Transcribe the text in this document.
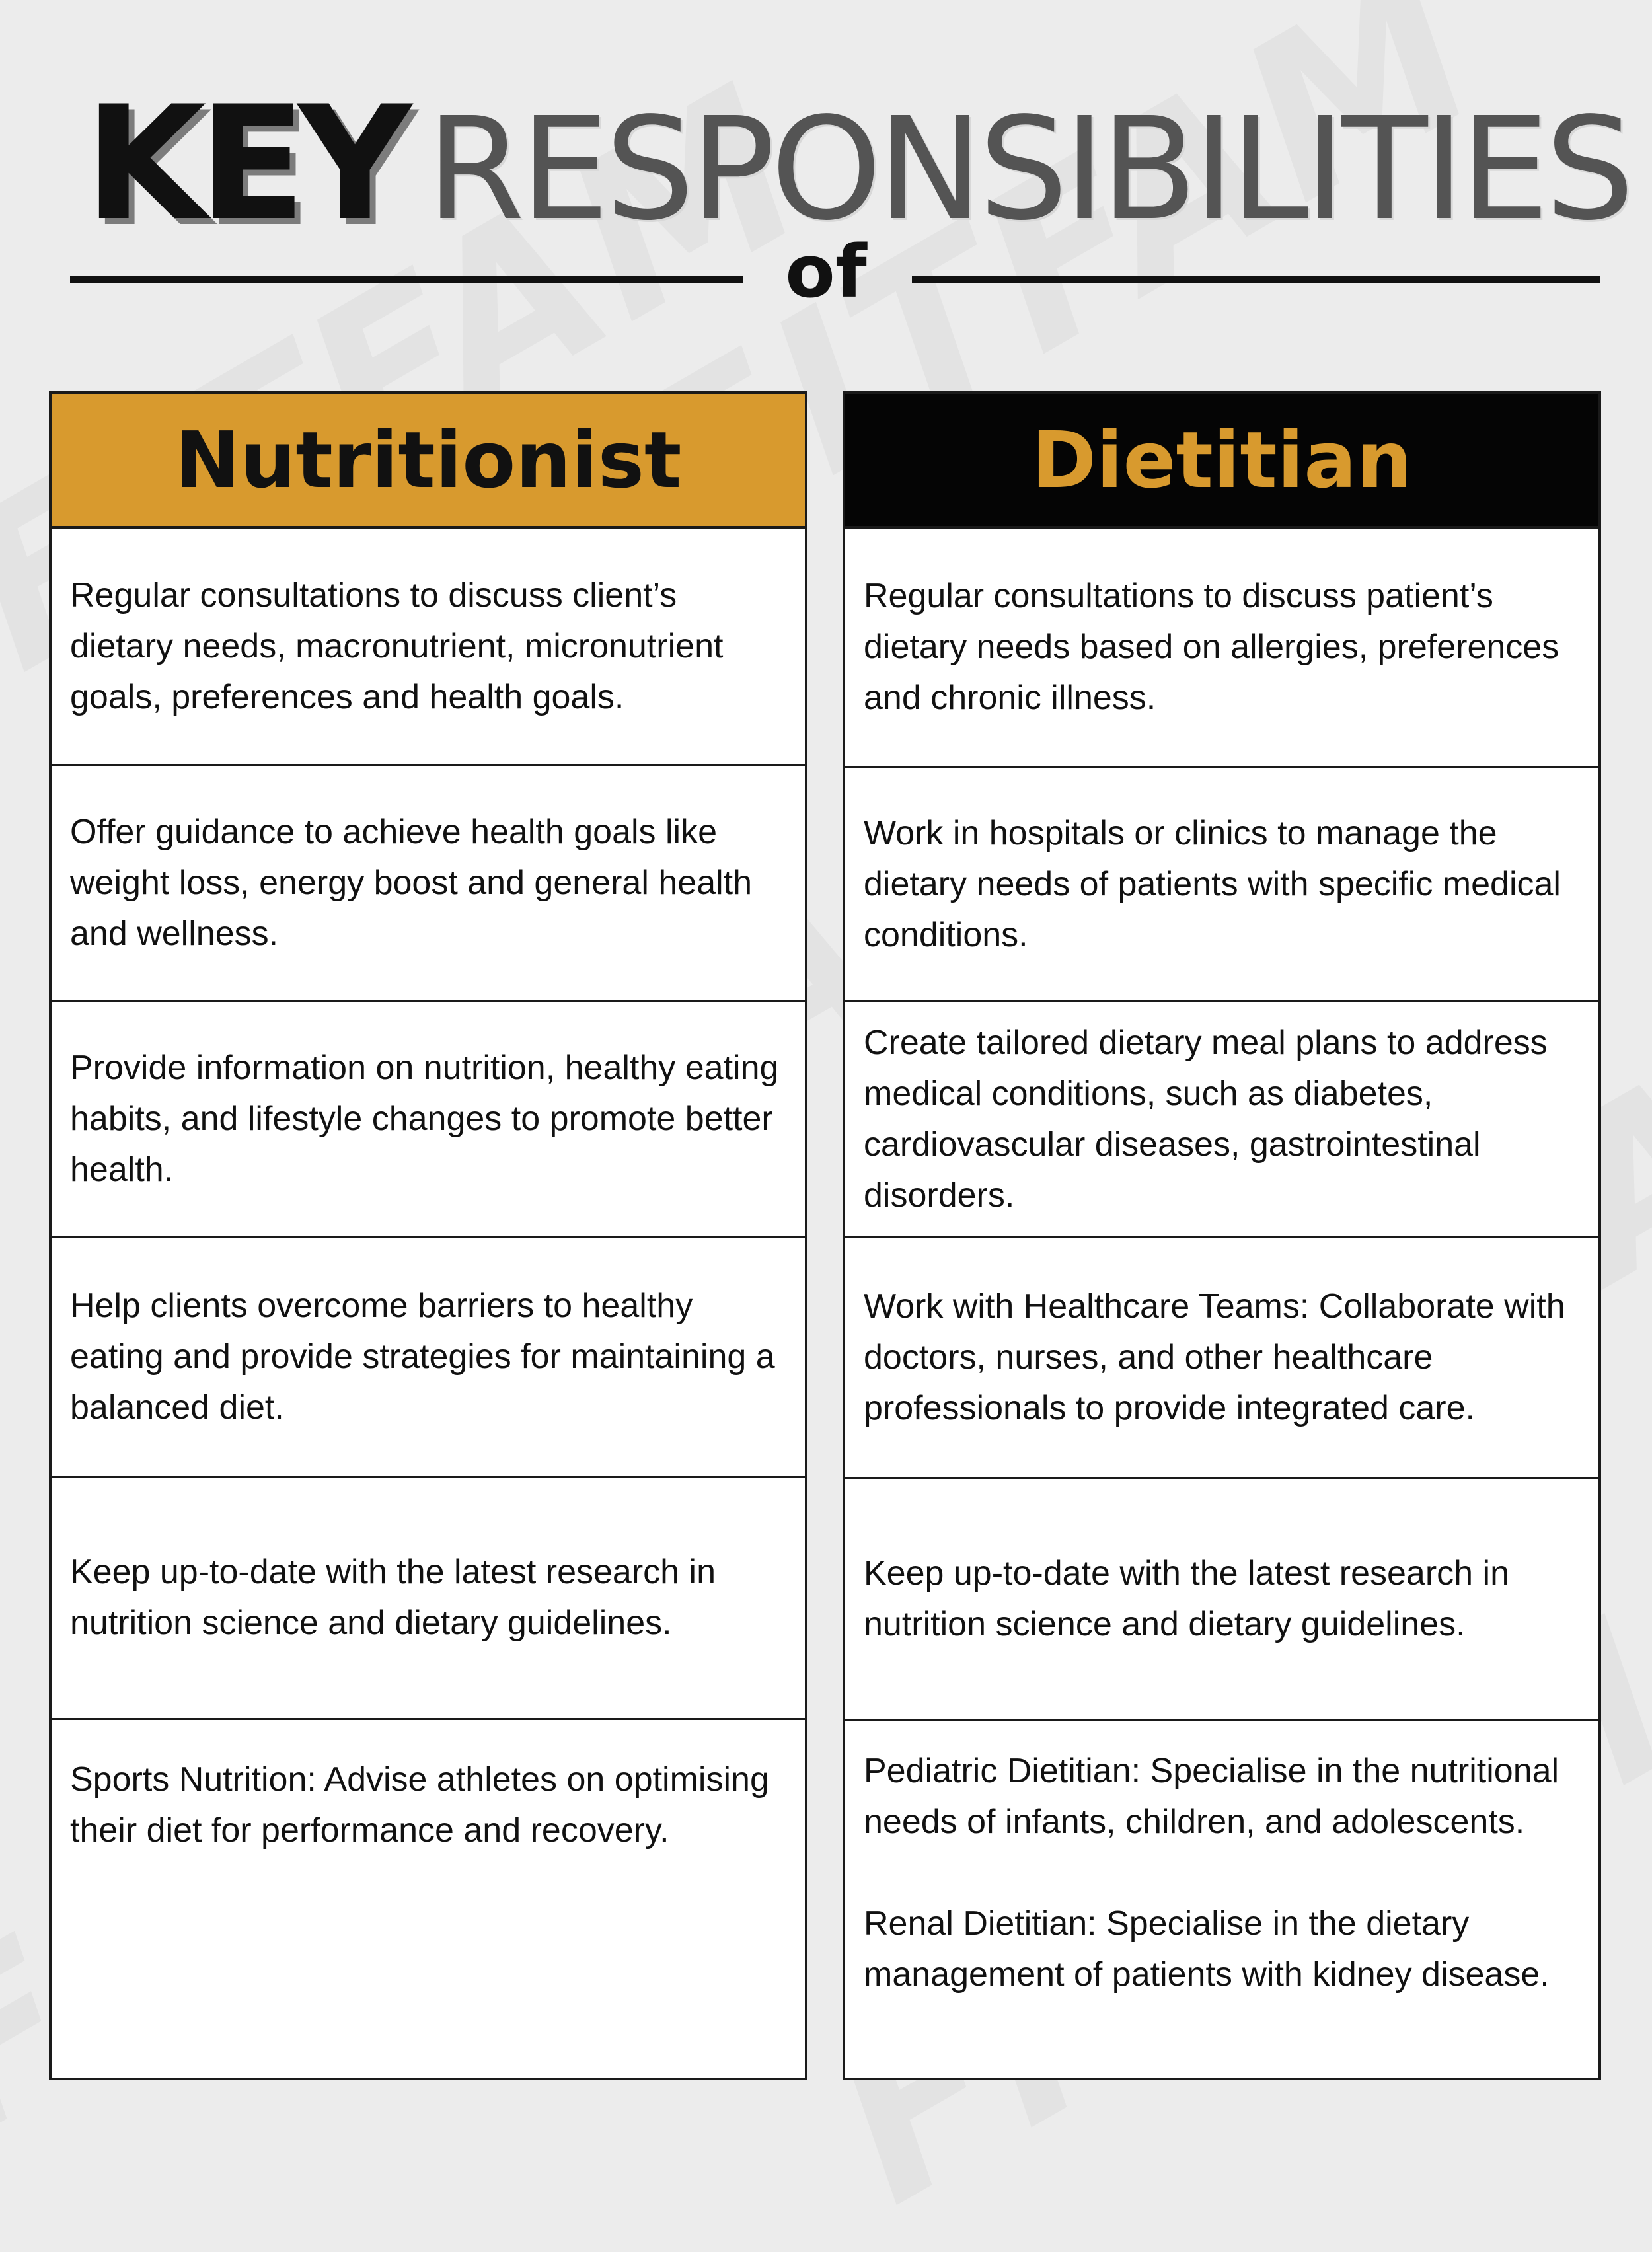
KEY RESPONSIBILITIES
of
Nutritionist
Regular consultations to discuss client’s dietary needs, macronutrient, micronutrient goals, preferences and health goals.
Offer guidance to achieve health goals like weight loss, energy boost and general health and wellness.
Provide information on nutrition, healthy eating habits, and lifestyle changes to promote better health.
Help clients overcome barriers to healthy eating and provide strategies for maintaining a balanced diet.
Keep up-to-date with the latest research in nutrition science and dietary guidelines.
Sports Nutrition: Advise athletes on optimising their diet for performance and recovery.
Dietitian
Regular consultations to discuss patient’s dietary needs based on allergies, preferences and chronic illness.
Work in hospitals or clinics to manage the dietary needs of patients with specific medical conditions.
Create tailored dietary meal plans to address medical conditions, such as diabetes, cardiovascular diseases, gastrointestinal disorders.
Work with Healthcare Teams: Collaborate with doctors, nurses, and other healthcare professionals to provide integrated care.
Keep up-to-date with the latest research in nutrition science and dietary guidelines.
Pediatric Dietitian: Specialise in the nutritional needs of infants, children, and adolescents.
Renal Dietitian: Specialise in the dietary management of patients with kidney disease.
